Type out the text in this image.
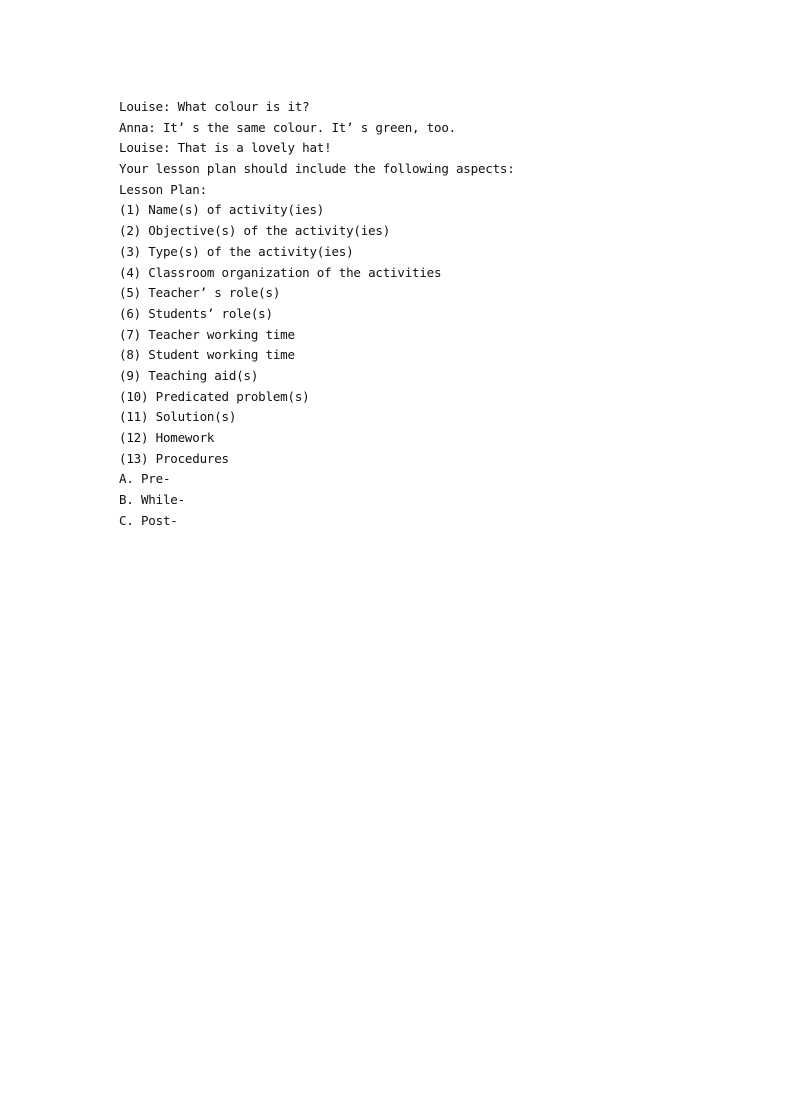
Louise: What colour is it?
Anna: It’ s the same colour. It’ s green, too.
Louise: That is a lovely hat!
Your lesson plan should include the following aspects:
Lesson Plan:
(1) Name(s) of activity(ies)
(2) Objective(s) of the activity(ies)
(3) Type(s) of the activity(ies)
(4) Classroom organization of the activities
(5) Teacher’ s role(s)
(6) Students’ role(s)
(7) Teacher working time
(8) Student working time
(9) Teaching aid(s)
(10) Predicated problem(s)
(11) Solution(s)
(12) Homework
(13) Procedures
A. Pre-
B. While-
C. Post-
